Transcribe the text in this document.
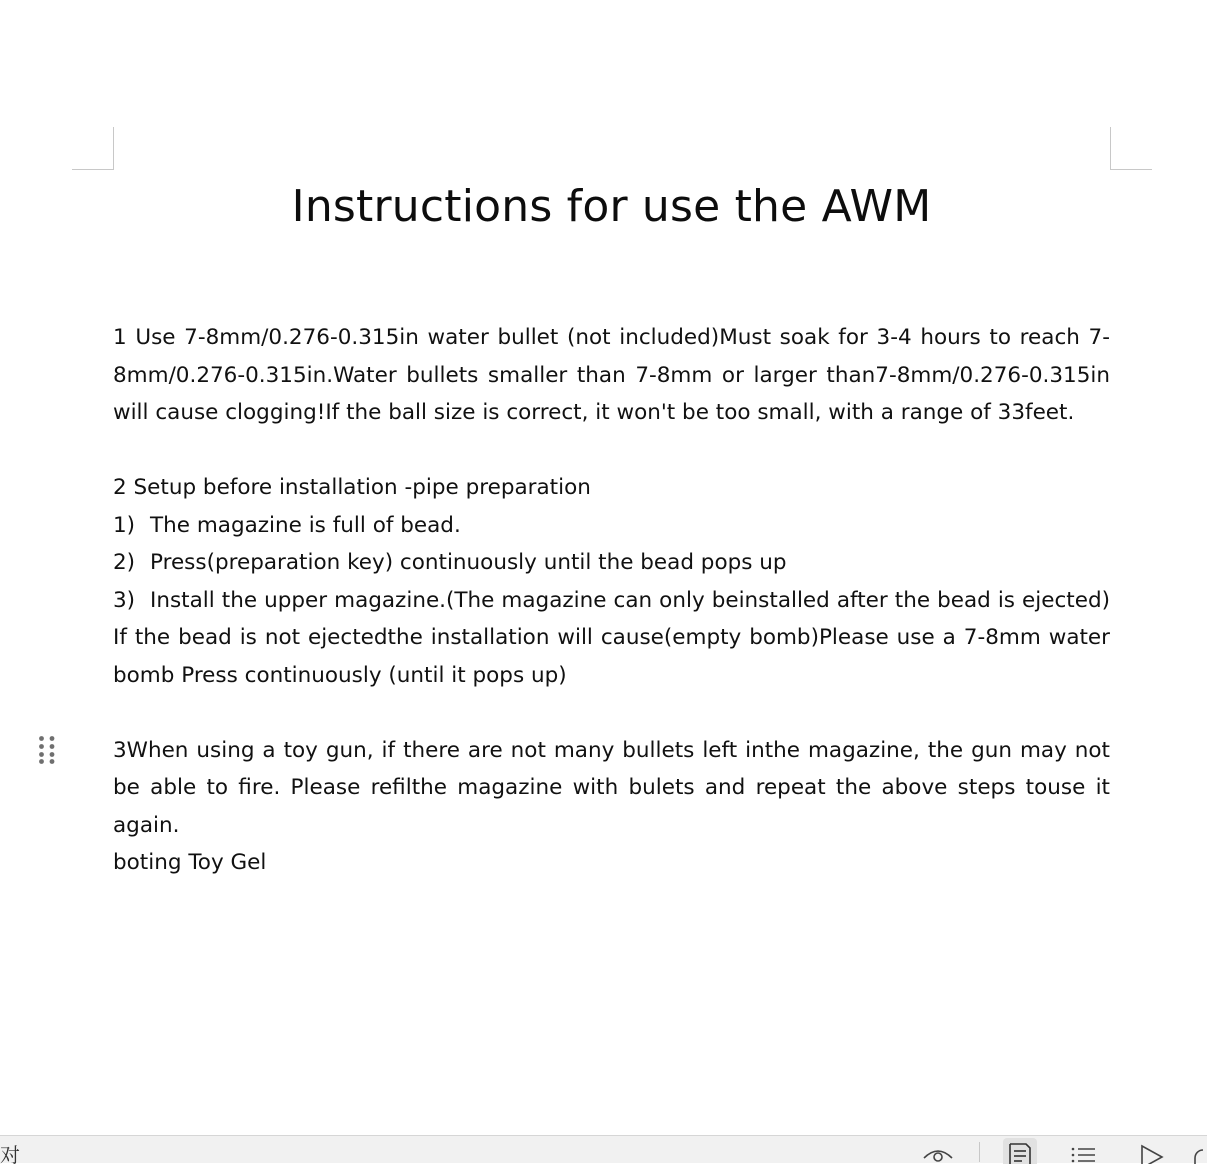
Instructions for use the AWM

1 Use 7-8mm/0.276-0.315in water bullet (not included)Must soak for 3-4 hours to reach 7-8mm/0.276-0.315in.Water bullets smaller than 7-8mm or larger than7-8mm/0.276-0.315in will cause clogging!If the ball size is correct, it won't be too small, with a range of 33feet.

2 Setup before installation -pipe preparation

1) The magazine is full of bead.

2) Press(preparation key) continuously until the bead pops up

3) Install the upper magazine.(The magazine can only beinstalled after the bead is ejected) If the bead is not ejectedthe installation will cause(empty bomb)Please use a 7-8mm water bomb Press continuously (until it pops up)

3When using a toy gun, if there are not many bullets left inthe magazine, the gun may not be able to fire. Please refilthe magazine with bulets and repeat the above steps touse it again.

boting Toy Gel

对
